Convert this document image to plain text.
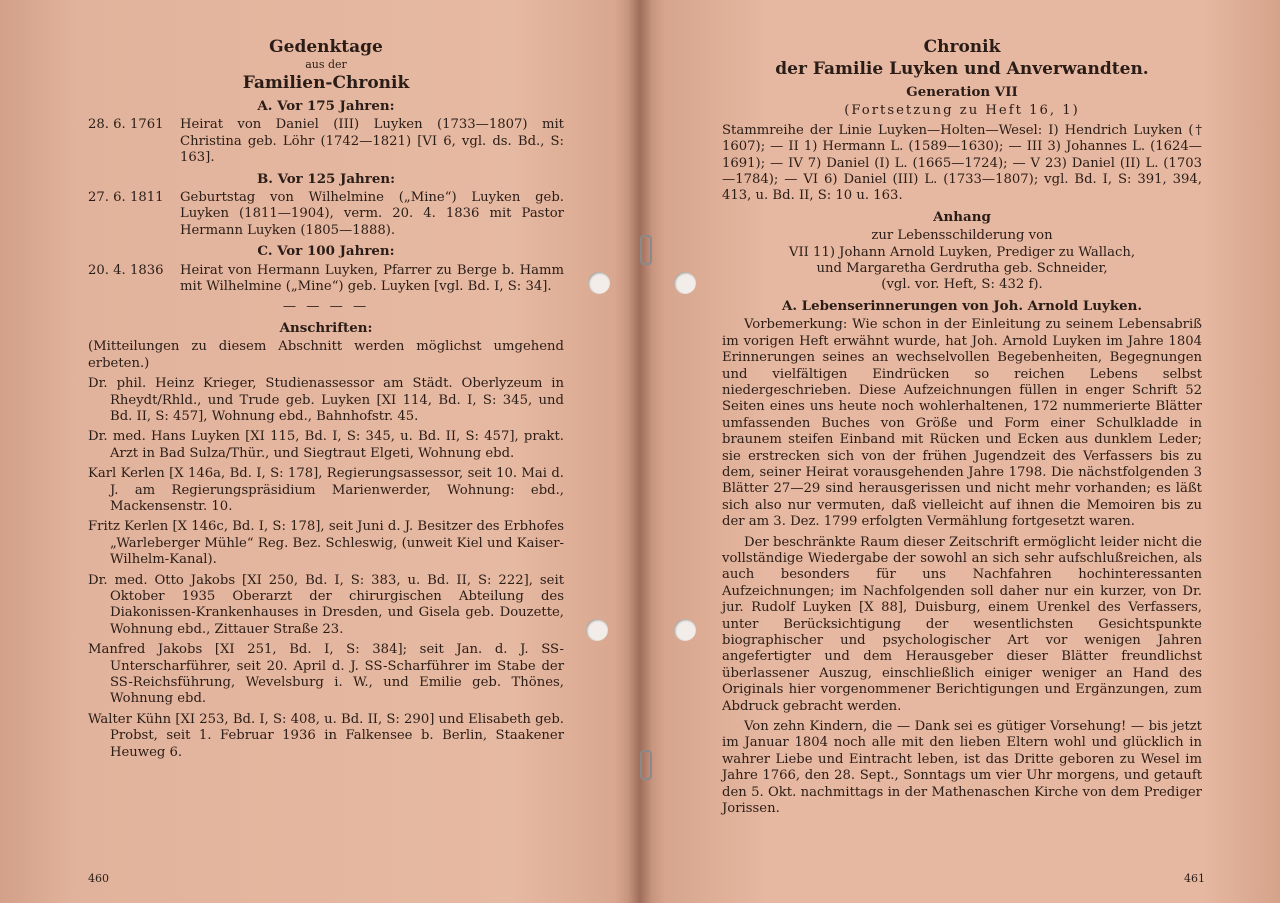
Gedenktage
aus der
Familien-Chronik
A. Vor 175 Jahren:
28. 6. 1761	Heirat von Daniel (III) Luyken (1733—1807) mit Christina geb. Löhr (1742—1821) [VI 6, vgl. ds. Bd., S: 163].
B. Vor 125 Jahren:
27. 6. 1811	Geburtstag von Wilhelmine („Mine“) Luyken geb. Luyken (1811—1904), verm. 20. 4. 1836 mit Pastor Hermann Luyken (1805—1888).
C. Vor 100 Jahren:
20. 4. 1836	Heirat von Hermann Luyken, Pfarrer zu Berge b. Hamm mit Wilhelmine („Mine“) geb. Luyken [vgl. Bd. I, S: 34].
— — — —
Anschriften:
(Mitteilungen zu diesem Abschnitt werden möglichst umgehend erbeten.)
Dr. phil. Heinz Krieger, Studienassessor am Städt. Oberlyzeum in Rheydt/Rhld., und Trude geb. Luyken [XI 114, Bd. I, S: 345, und Bd. II, S: 457], Wohnung ebd., Bahnhofstr. 45.
Dr. med. Hans Luyken [XI 115, Bd. I, S: 345, u. Bd. II, S: 457], prakt. Arzt in Bad Sulza/Thür., und Siegtraut Elgeti, Wohnung ebd.
Karl Kerlen [X 146a, Bd. I, S: 178], Regierungsassessor, seit 10. Mai d. J. am Regierungspräsidium Marienwerder, Wohnung: ebd., Mackensenstr. 10.
Fritz Kerlen [X 146c, Bd. I, S: 178], seit Juni d. J. Besitzer des Erbhofes „Warleberger Mühle“ Reg. Bez. Schleswig, (unweit Kiel und Kaiser-Wilhelm-Kanal).
Dr. med. Otto Jakobs [XI 250, Bd. I, S: 383, u. Bd. II, S: 222], seit Oktober 1935 Oberarzt der chirurgischen Abteilung des Diakonissen-Krankenhauses in Dresden, und Gisela geb. Douzette, Wohnung ebd., Zittauer Straße 23.
Manfred Jakobs [XI 251, Bd. I, S: 384]; seit Jan. d. J. SS-Unterscharführer, seit 20. April d. J. SS-Scharführer im Stabe der SS-Reichsführung, Wevelsburg i. W., und Emilie geb. Thönes, Wohnung ebd.
Walter Kühn [XI 253, Bd. I, S: 408, u. Bd. II, S: 290] und Elisabeth geb. Probst, seit 1. Februar 1936 in Falkensee b. Berlin, Staakener Heuweg 6.
460
Chronik
der Familie Luyken und Anverwandten.
Generation VII
(Fortsetzung zu Heft 16, 1)
Stammreihe der Linie Luyken—Holten—Wesel: I) Hendrich Luyken († 1607); — II 1) Hermann L. (1589—1630); — III 3) Johannes L. (1624—1691); — IV 7) Daniel (I) L. (1665—1724); — V 23) Daniel (II) L. (1703—1784); — VI 6) Daniel (III) L. (1733—1807); vgl. Bd. I, S: 391, 394, 413, u. Bd. II, S: 10 u. 163.
Anhang
zur Lebensschilderung von
VII 11) Johann Arnold Luyken, Prediger zu Wallach,
und Margaretha Gerdrutha geb. Schneider,
(vgl. vor. Heft, S: 432 f).
A. Lebenserinnerungen von Joh. Arnold Luyken.
Vorbemerkung: Wie schon in der Einleitung zu seinem Lebensabriß im vorigen Heft erwähnt wurde, hat Joh. Arnold Luyken im Jahre 1804 Erinnerungen seines an wechselvollen Begebenheiten, Begegnungen und vielfältigen Eindrücken so reichen Lebens selbst niedergeschrieben. Diese Aufzeichnungen füllen in enger Schrift 52 Seiten eines uns heute noch wohlerhaltenen, 172 nummerierte Blätter umfassenden Buches von Größe und Form einer Schulkladde in braunem steifen Einband mit Rücken und Ecken aus dunklem Leder; sie erstrecken sich von der frühen Jugendzeit des Verfassers bis zu dem, seiner Heirat vorausgehenden Jahre 1798. Die nächstfolgenden 3 Blätter 27—29 sind herausgerissen und nicht mehr vorhanden; es läßt sich also nur vermuten, daß vielleicht auf ihnen die Memoiren bis zu der am 3. Dez. 1799 erfolgten Vermählung fortgesetzt waren.
Der beschränkte Raum dieser Zeitschrift ermöglicht leider nicht die vollständige Wiedergabe der sowohl an sich sehr aufschlußreichen, als auch besonders für uns Nachfahren hochinteressanten Aufzeichnungen; im Nachfolgenden soll daher nur ein kurzer, von Dr. jur. Rudolf Luyken [X 88], Duisburg, einem Urenkel des Verfassers, unter Berücksichtigung der wesentlichsten Gesichtspunkte biographischer und psychologischer Art vor wenigen Jahren angefertigter und dem Herausgeber dieser Blätter freundlichst überlassener Auszug, einschließlich einiger weniger an Hand des Originals hier vorgenommener Berichtigungen und Ergänzungen, zum Abdruck gebracht werden.
Von zehn Kindern, die — Dank sei es gütiger Vorsehung! — bis jetzt im Januar 1804 noch alle mit den lieben Eltern wohl und glücklich in wahrer Liebe und Eintracht leben, ist das Dritte geboren zu Wesel im Jahre 1766, den 28. Sept., Sonntags um vier Uhr morgens, und getauft den 5. Okt. nachmittags in der Mathenaschen Kirche von dem Prediger Jorissen.
461
